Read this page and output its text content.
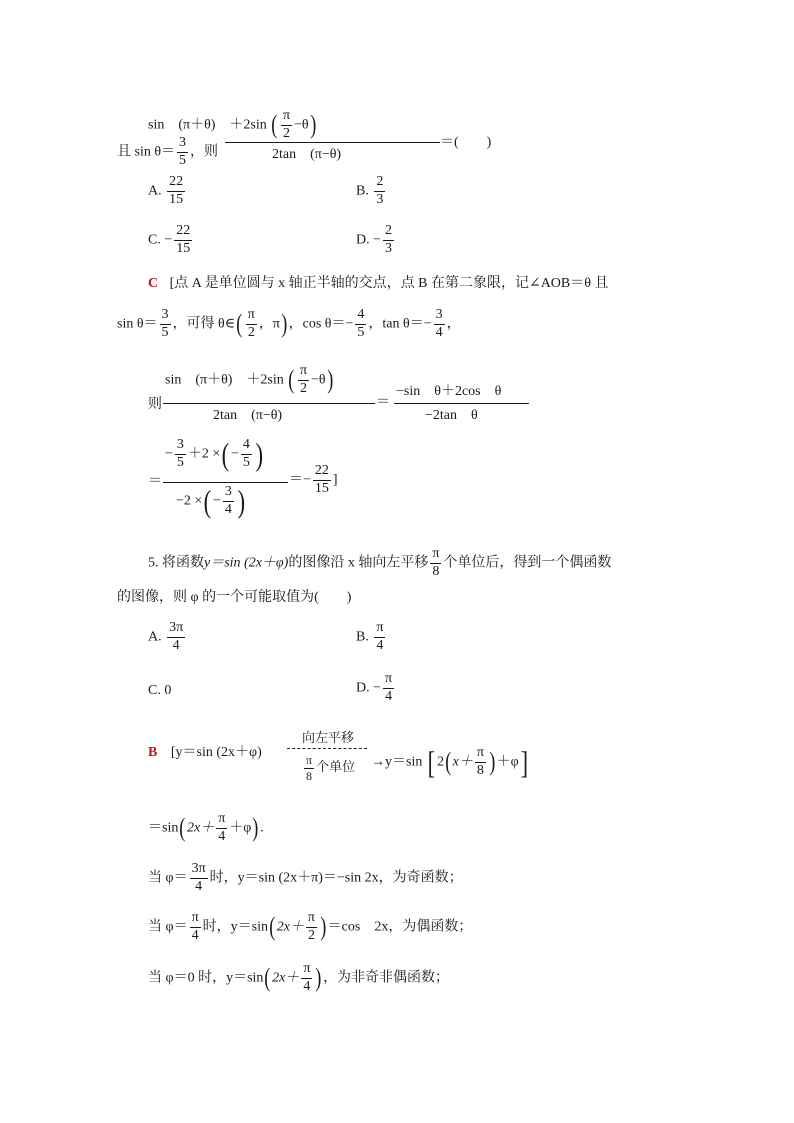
sin　(π＋θ)　＋2sin ( $\frac{\pi}{2} -\theta$)
且 $\sin \theta= \frac{3}{5}$ ，则
＝(　　)
2tan　(π−θ)
A. $\frac{22}{15}$	B. $\frac{2}{3}$
C. − $\frac{22}{15}$	D. − $\frac{2}{3}$
C [点 A 是单位圆与 x 轴正半轴的交点，点 B 在第二象限，记∠AOB＝θ 且
$\sin \theta= \frac{3}{5}$ ，可得 θ∈( $\frac{\pi}{2}$ ，π)，$\cos \theta=- \frac{4}{5}$ ，$\tan \theta=- \frac{3}{4}$ ，
sin　(π＋θ)　＋2sin ( $\frac{\pi}{2} -\theta$)
则	＝
2tan　(π−θ)
−sin　θ＋2cos　θ
−2tan　θ
− $\frac{3}{5} +2$ ×( − $\frac{4}{5}$ )
＝	＝− $\frac{22}{15}$ ]
−2 ×( − $\frac{3}{4}$ )
5. 将函数y＝sin (2x＋φ)的图像沿 x 轴向左平移 $\frac{\pi}{8}$ 个单位后，得到一个偶函数
的图像，则 φ 的一个可能取值为(　　)
A. $\frac{3\pi}{4}$	B. $\frac{\pi}{4}$
C. 0	D. − $\frac{\pi}{4}$
B [y＝sin (2x＋φ)
向左平移
$\frac{\pi}{8}$ 个单位 →y＝sin [ $2(x+ \frac{\pi}{8} )+\varphi$]
$=\sin(2x+ \frac{\pi}{4} +\varphi)$.
当 $\varphi= \frac{3\pi}{4}$ 时，y＝sin (2x＋π)＝−sin 2x，为奇函数；
当 $\varphi= \frac{\pi}{4}$ 时，$y=\sin(2x+ \frac{\pi}{2} )=\cos$　2x，为偶函数；
当 φ＝0 时，$y=\sin(2x+ \frac{\pi}{4}$ )，为非奇非偶函数；
